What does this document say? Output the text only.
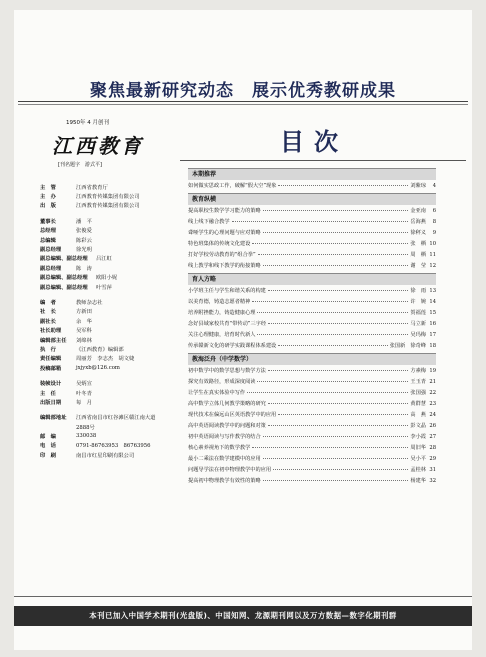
聚焦最新研究动态　展示优秀教研成果
1950年 4 月创刊
江西教育
[刊名题字　游式平]
主　管	江西省教育厅
主　办	江西教育传媒集团有限公司
出　版	江西教育传媒集团有限公司
董事长	潘　平
总经理	张俊爱
总编辑	陈彩云
副总经理	徐光明
副总编辑、副总经理	吕江虹
副总经理	陈　涛
副总编辑、副总经理	欧阳小妮
副总编辑、副总经理	叶雪萍
编　者	教师杂志社
社　长	方新田
副社长	余　华
社长助理	吴军科
编辑部主任	刘绵林
执　行	《江西教育》编辑部
责任编辑	周丽芳　李志杰　胡文婕
投稿邮箱	jxjyxb@126.com
装帧设计	吴炳宣
主　任	叶冬青
出版日期	每　月
编辑部地址	江西省南昌市红谷滩区赣江南大道
2888号
邮　编	330038
电　话	0791-86763953　86763956
印　刷	南昌市红星印刷有限公司
目次
本期推荐
如何做实思政工作，破解“假大空”现象	刘紫琼	4
教育纵横
提高职校生数学学习能力的策略	金亚南	6
线上线下融合教学	岳海燕	8
聋哑学生的心理问题与应对策略	徐秤义	9
特色班集体的传统文化建设	张　栖 10
打好学校劳动教育的“组合拳”	周　栖 11
线上教学和线下教学的衔接策略	谢　莹 12
育人方略
小学班主任与学生和谐关系的构建	徐　雨 13
以美育德，铸造志愿者精神	许　婉 14
培养附挫能力，铸造健康心理	贺福莲 15
念好县域家校共育“带传动”三字经	马立新 16
关注心理健康，培育时代新人	吴玛梅 17
传承赣新文化的研学实践课程体系建设	张国新　徐奇峰 18
教海泛舟（中学数学）
初中数学中的数学思想与数学方法	方素梅 19
探究有效路径，形成深度阅读	王玉青 21
让学生在真实体验中写作	张国强 22
高中数学立体几何教学策略的研究	黄群慧 23
现代技术在偏远山区英语教学中的应用	高　燕 24
高中英语阅读教学中的问题和对策	彭文晶 26
初中英语阅读与写作教学的结合	李小霞 27
核心素养视角下的数学教学	周旧华 28
最小二乘法在数学建模中的应用	吴小平 29
问题导学法在初中物理教学中的应用	孟桂林 31
提高初中物理教学有效性的策略	杨建华 32
本刊已加入中国学术期刊(光盘版)、中国知网、龙源期刊网以及万方数据—数字化期刊群
